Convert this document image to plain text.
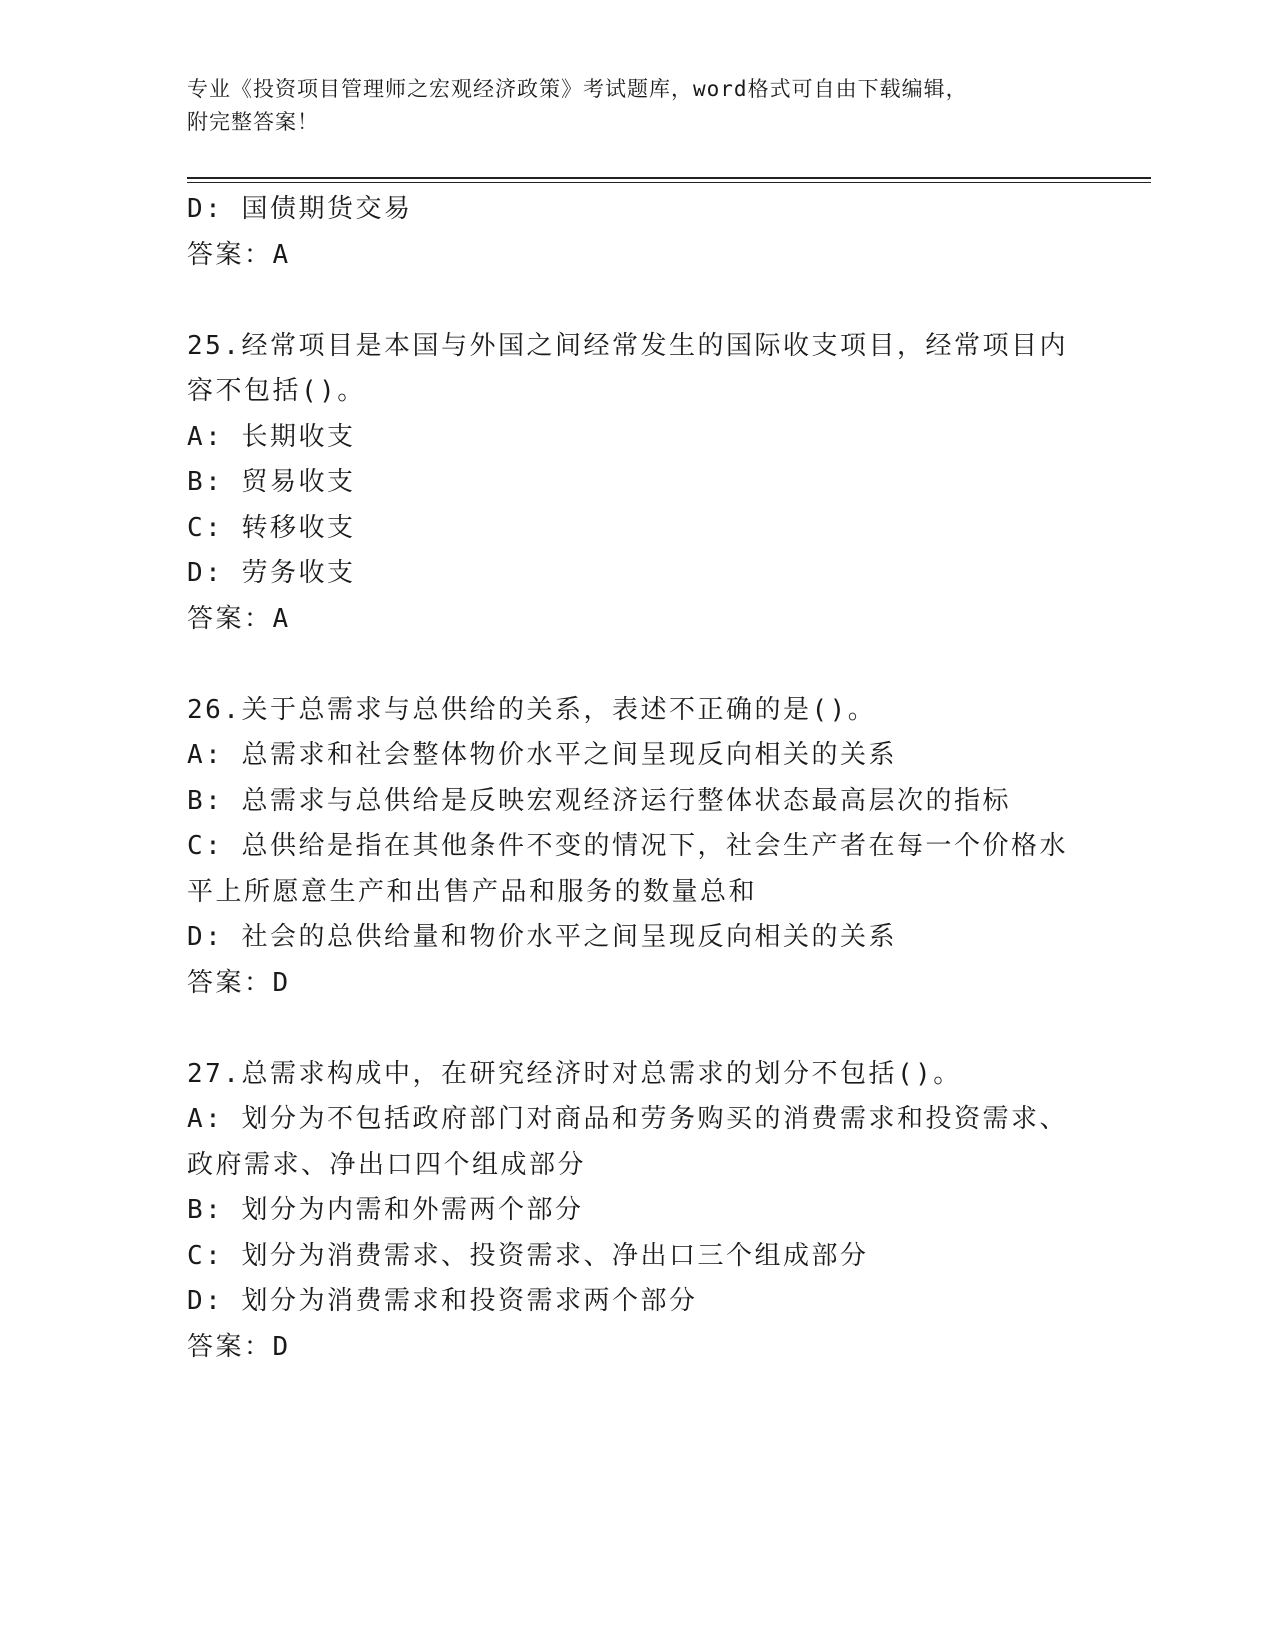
专业《投资项目管理师之宏观经济政策》考试题库，word格式可自由下载编辑，
附完整答案！
D: 国债期货交易
答案：A
25.经常项目是本国与外国之间经常发生的国际收支项目，经常项目内
容不包括()。
A: 长期收支
B: 贸易收支
C: 转移收支
D: 劳务收支
答案：A
26.关于总需求与总供给的关系，表述不正确的是()。
A: 总需求和社会整体物价水平之间呈现反向相关的关系
B: 总需求与总供给是反映宏观经济运行整体状态最高层次的指标
C: 总供给是指在其他条件不变的情况下，社会生产者在每一个价格水
平上所愿意生产和出售产品和服务的数量总和
D: 社会的总供给量和物价水平之间呈现反向相关的关系
答案：D
27.总需求构成中，在研究经济时对总需求的划分不包括()。
A: 划分为不包括政府部门对商品和劳务购买的消费需求和投资需求、
政府需求、净出口四个组成部分
B: 划分为内需和外需两个部分
C: 划分为消费需求、投资需求、净出口三个组成部分
D: 划分为消费需求和投资需求两个部分
答案：D
